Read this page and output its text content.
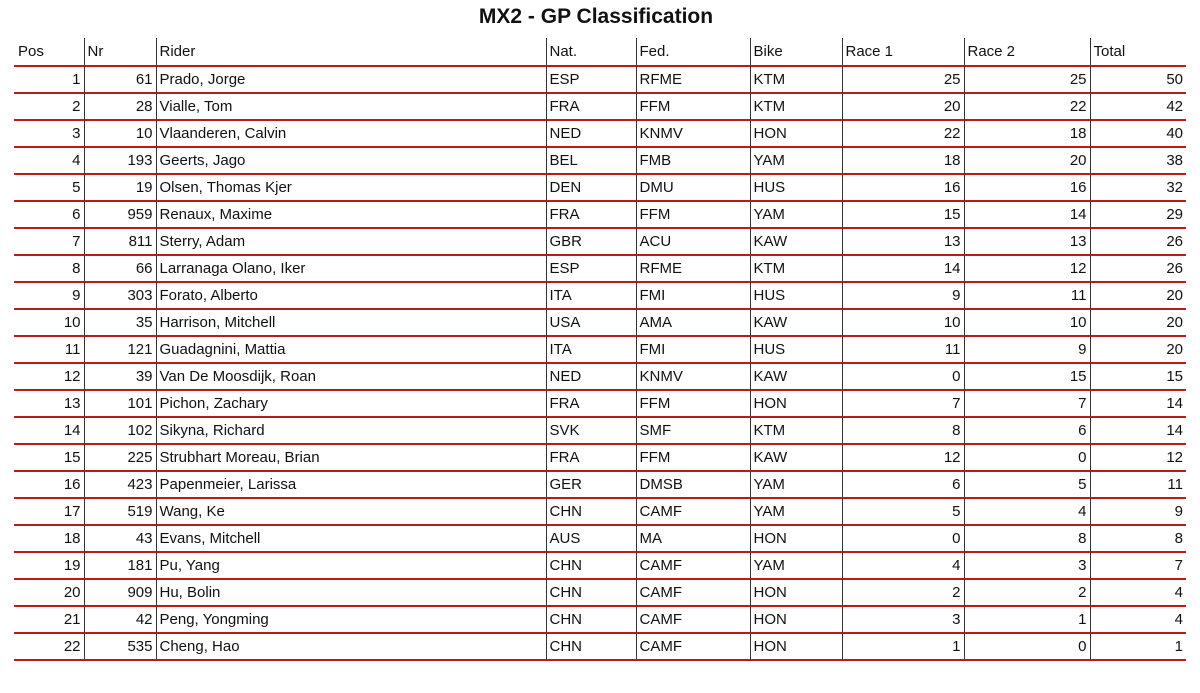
MX2 - GP Classification
Pos	Nr	Rider	Nat.	Fed.	Bike	Race 1	Race 2	Total
1	61	Prado, Jorge	ESP	RFME	KTM	25	25	50
2	28	Vialle, Tom	FRA	FFM	KTM	20	22	42
3	10	Vlaanderen, Calvin	NED	KNMV	HON	22	18	40
4	193	Geerts, Jago	BEL	FMB	YAM	18	20	38
5	19	Olsen, Thomas Kjer	DEN	DMU	HUS	16	16	32
6	959	Renaux, Maxime	FRA	FFM	YAM	15	14	29
7	811	Sterry, Adam	GBR	ACU	KAW	13	13	26
8	66	Larranaga Olano, Iker	ESP	RFME	KTM	14	12	26
9	303	Forato, Alberto	ITA	FMI	HUS	9	11	20
10	35	Harrison, Mitchell	USA	AMA	KAW	10	10	20
11	121	Guadagnini, Mattia	ITA	FMI	HUS	11	9	20
12	39	Van De Moosdijk, Roan	NED	KNMV	KAW	0	15	15
13	101	Pichon, Zachary	FRA	FFM	HON	7	7	14
14	102	Sikyna, Richard	SVK	SMF	KTM	8	6	14
15	225	Strubhart Moreau, Brian	FRA	FFM	KAW	12	0	12
16	423	Papenmeier, Larissa	GER	DMSB	YAM	6	5	11
17	519	Wang, Ke	CHN	CAMF	YAM	5	4	9
18	43	Evans, Mitchell	AUS	MA	HON	0	8	8
19	181	Pu, Yang	CHN	CAMF	YAM	4	3	7
20	909	Hu, Bolin	CHN	CAMF	HON	2	2	4
21	42	Peng, Yongming	CHN	CAMF	HON	3	1	4
22	535	Cheng, Hao	CHN	CAMF	HON	1	0	1
